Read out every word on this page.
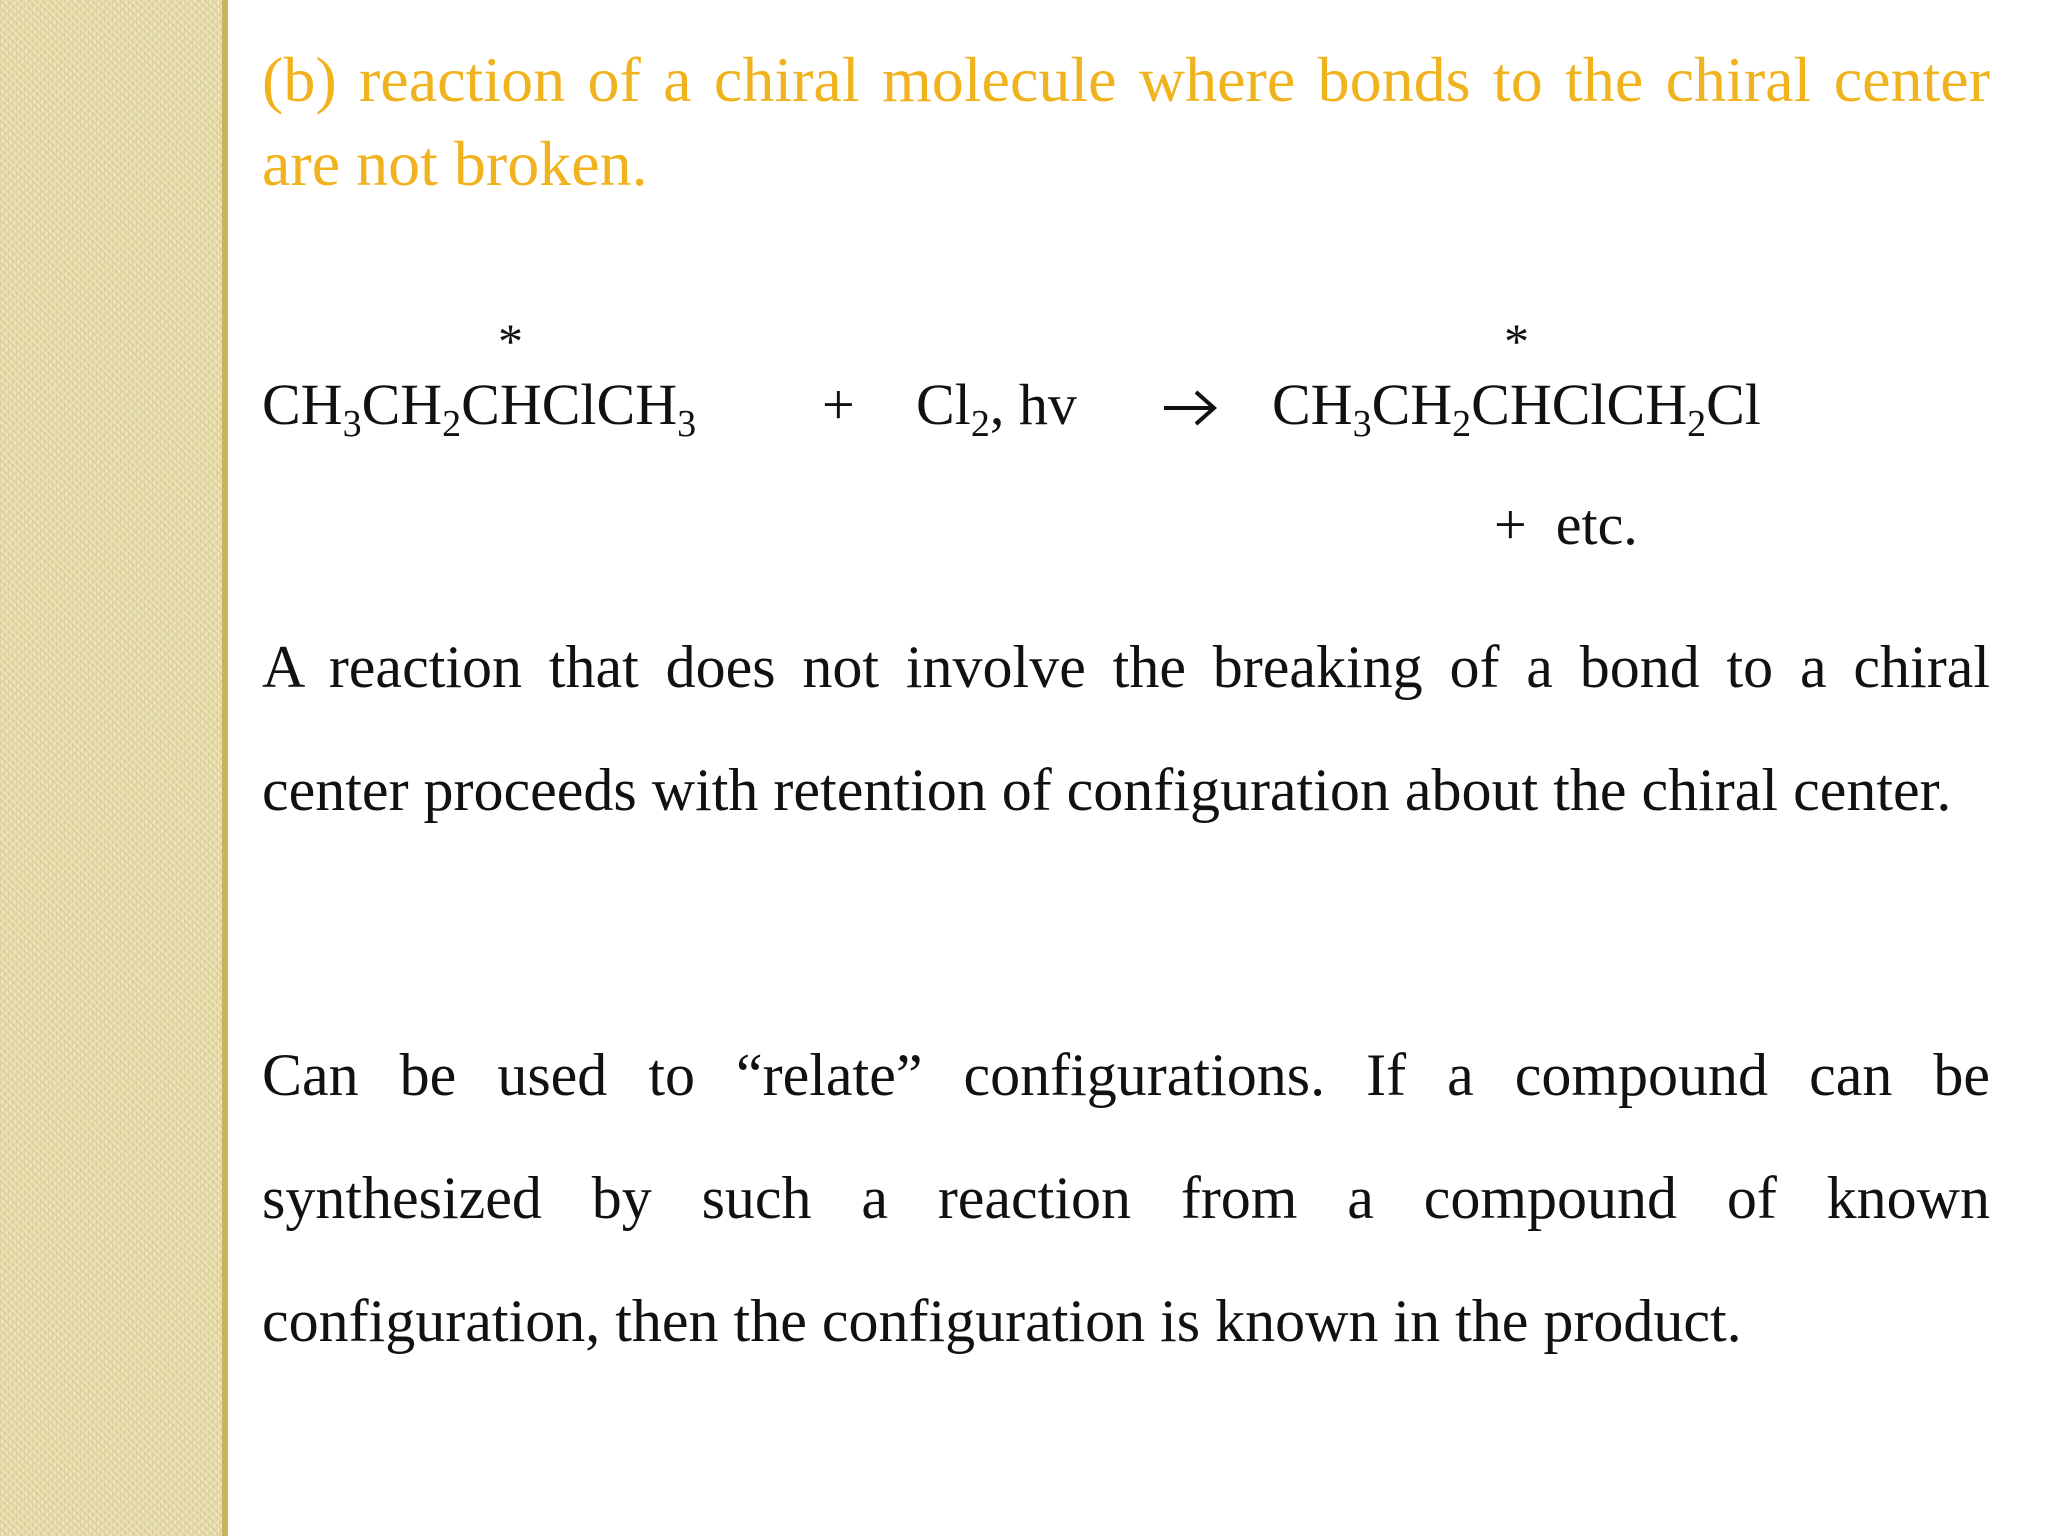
(b) reaction of a chiral molecule where bonds to the chiral center are not broken.

*	*
$CH_3CH_2CHClCH_3 + Cl_2$, hv	$CH_3CH_2CHClCH_2Cl$
+  etc.

A reaction that does not involve the breaking of a bond to a chiral center proceeds with retention of configuration about the chiral center.

Can be used to “relate” configurations. If a compound can be synthesized by such a reaction from a compound of known configuration, then the configuration is known in the product.
